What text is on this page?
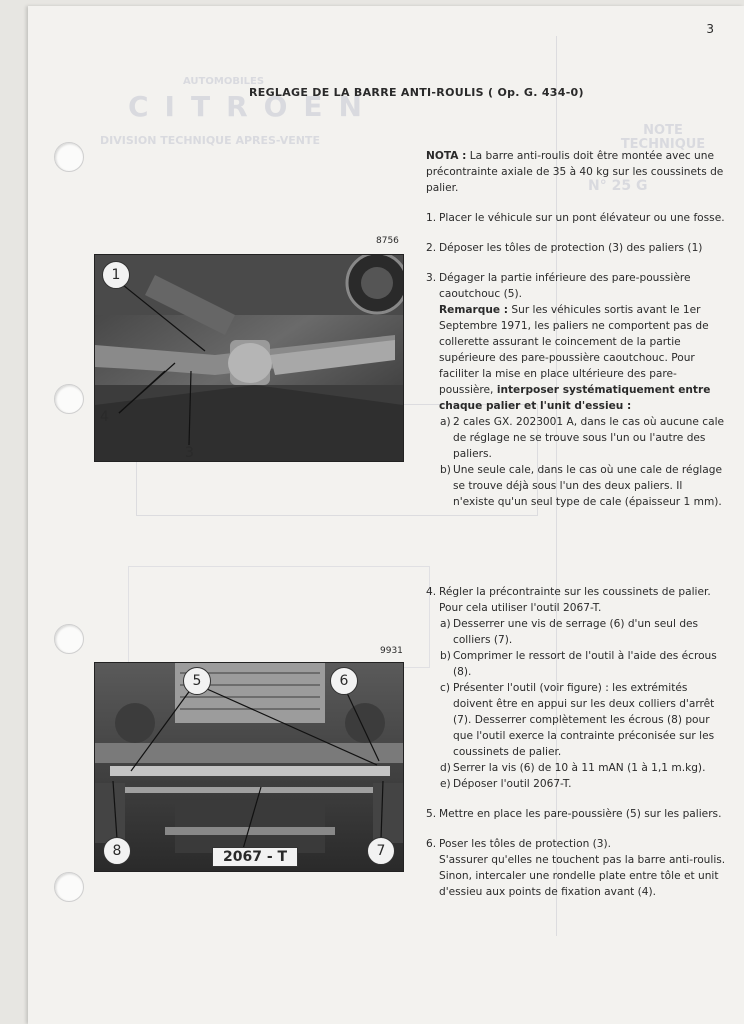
AUTOMOBILES
CITROEN
DIVISION TECHNIQUE APRES-VENTE
NOTE TECHNIQUE
N° 25 G
3
REGLAGE DE LA BARRE ANTI-ROULIS ( Op. G. 434-0)

NOTA : La barre anti-roulis doit être montée avec une précontrainte axiale de 35 à 40 kg sur les coussinets de palier.

1. Placer le véhicule sur un pont élévateur ou une fosse.
2. Déposer les tôles de protection (3) des paliers (1)
3. Dégager la partie inférieure des pare-poussière caoutchouc (5).

Remarque : Sur les véhicules sortis avant le 1er Septembre 1971, les paliers ne comportent pas de collerette assurant le coincement de la partie supérieure des pare-poussière caoutchouc. Pour faciliter la mise en place ultérieure des pare-poussière, interposer systématiquement entre chaque palier et l'unit d'essieu :

a) 2 cales GX. 2023001 A, dans le cas où aucune cale de réglage ne se trouve sous l'un ou l'autre des paliers.
b) Une seule cale, dans le cas où une cale de réglage se trouve déjà sous l'un des deux paliers. Il n'existe qu'un seul type de cale (épaisseur 1 mm).
4. Régler la précontrainte sur les coussinets de palier.

Pour cela utiliser l'outil 2067-T.

a) Desserrer une vis de serrage (6) d'un seul des colliers (7).
b) Comprimer le ressort de l'outil à l'aide des écrous (8).
c) Présenter l'outil (voir figure) : les extrémités doivent être en appui sur les deux colliers d'arrêt (7). Desserrer complètement les écrous (8) pour que l'outil exerce la contrainte préconisée sur les coussinets de palier.
d) Serrer la vis (6) de 10 à 11 mAN (1 à 1,1 m.kg).
e) Déposer l'outil 2067-T.
5. Mettre en place les pare-poussière (5) sur les paliers.
6. Poser les tôles de protection (3).

S'assurer qu'elles ne touchent pas la barre anti-roulis. Sinon, intercaler une rondelle plate entre tôle et unit d'essieu aux points de fixation avant (4).

8756
1
4
3
9931
5	6
8	7
2067 - T
